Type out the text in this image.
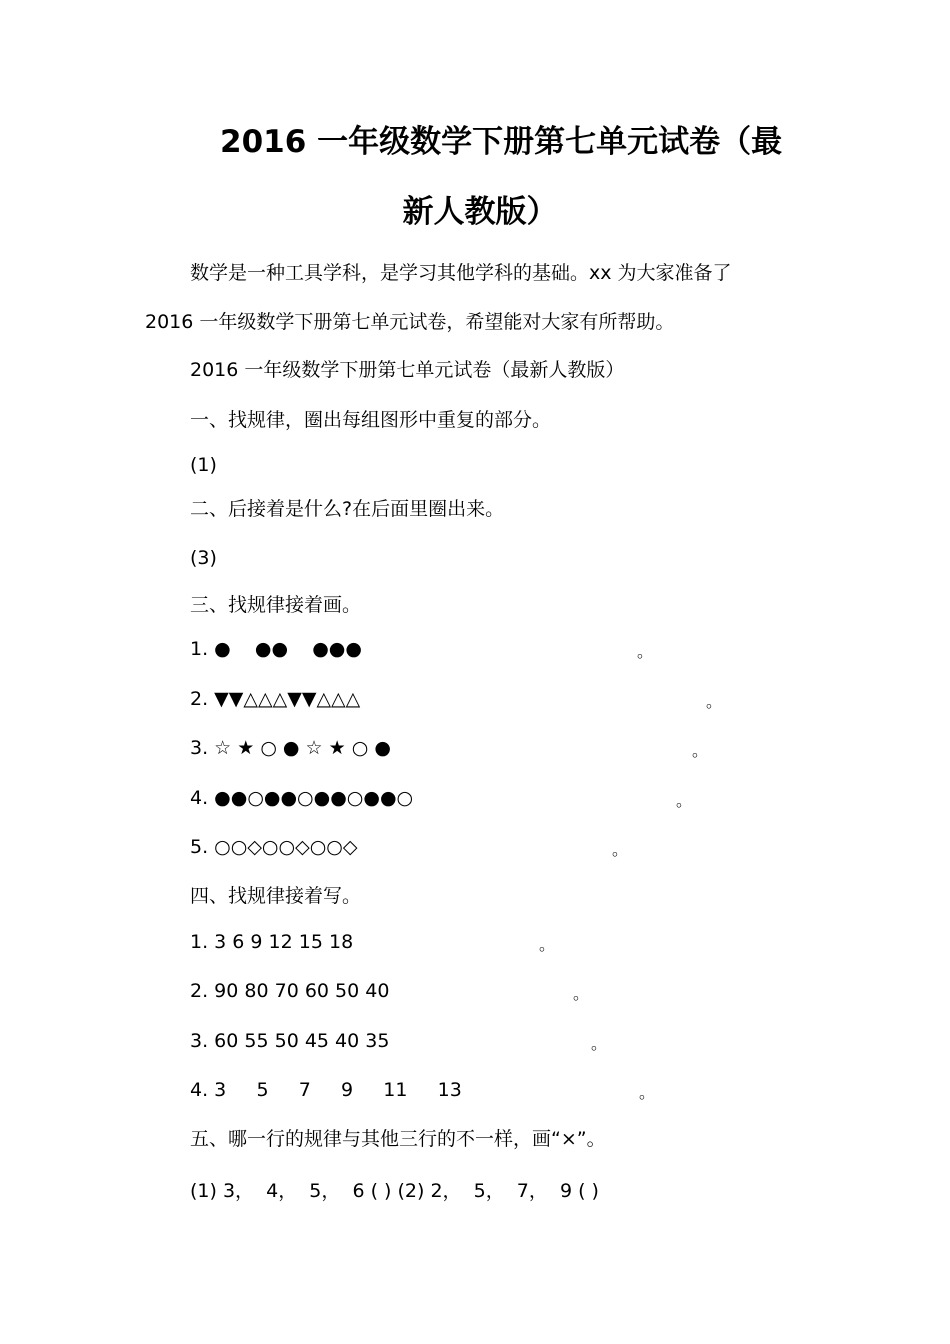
2016 一年级数学下册第七单元试卷（最
新人教版）
数学是一种工具学科，是学习其他学科的基础。xx 为大家准备了
2016 一年级数学下册第七单元试卷，希望能对大家有所帮助。
2016 一年级数学下册第七单元试卷（最新人教版）
一、找规律，圈出每组图形中重复的部分。
(1)
二、后接着是什么?在后面里圈出来。
(3)
三、找规律接着画。
1. ●    ●●    ●●●	。
2. ▼▼△△△▼▼△△△	。
3. ☆ ★ ○ ● ☆ ★ ○ ●	。
4. ●●○●●○●●○●●○	。
5. ○○◇○○◇○○◇	。
四、找规律接着写。
1. 3 6 9 12 15 18	。
2. 90 80 70 60 50 40	。
3. 60 55 50 45 40 35	。
4. 3     5     7     9     11     13	。
五、哪一行的规律与其他三行的不一样，画“×”。
(1) 3，  4，  5，  6 ( ) (2) 2，  5，  7，  9 ( )
